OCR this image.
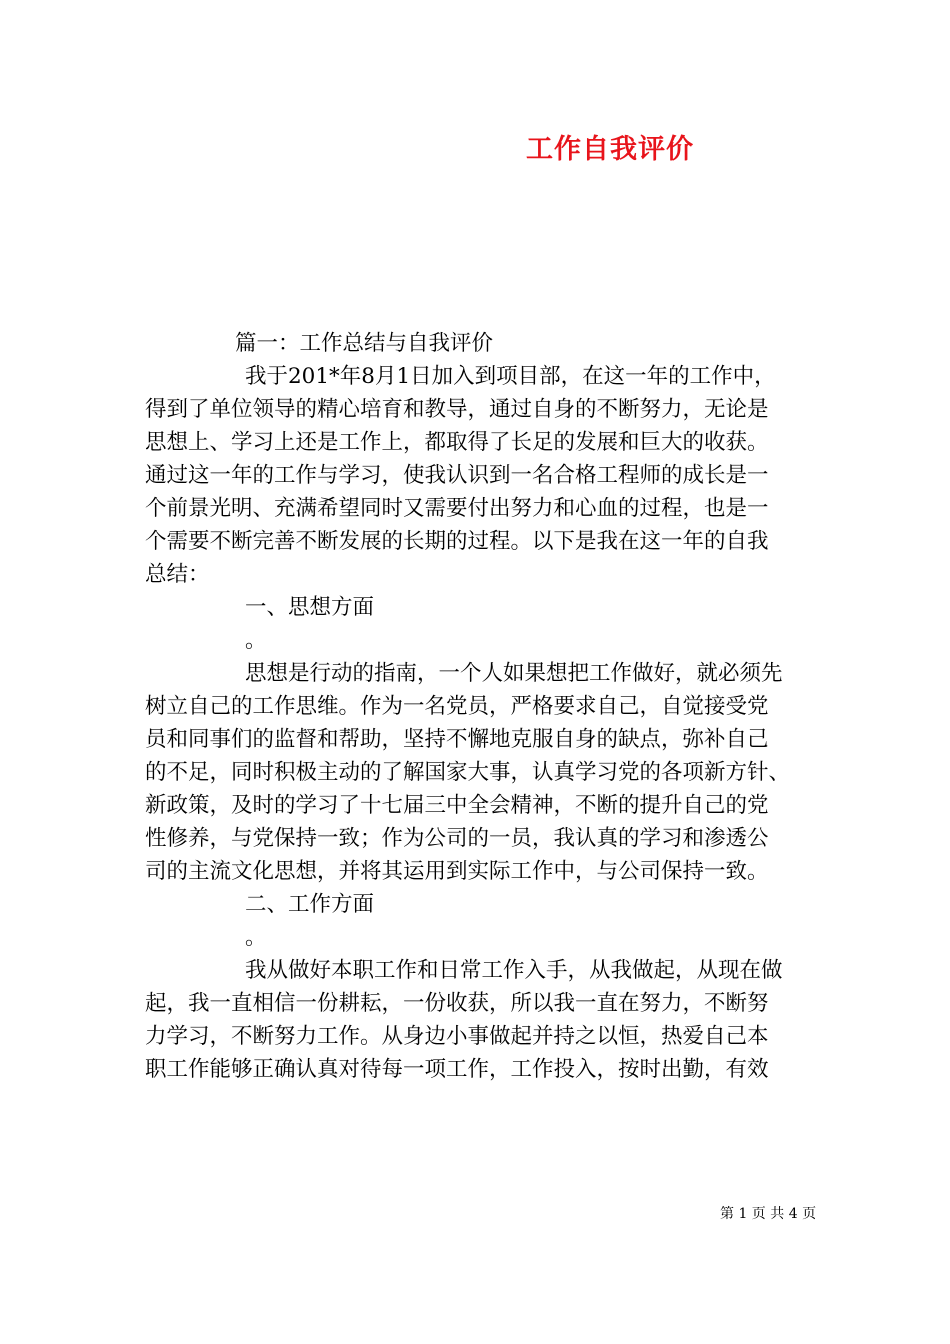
工作自我评价
篇一：工作总结与自我评价
我于201*年8月1日加入到项目部，在这一年的工作中，
得到了单位领导的精心培育和教导，通过自身的不断努力，无论是
思想上、学习上还是工作上，都取得了长足的发展和巨大的收获。
通过这一年的工作与学习，使我认识到一名合格工程师的成长是一
个前景光明、充满希望同时又需要付出努力和心血的过程，也是一
个需要不断完善不断发展的长期的过程。以下是我在这一年的自我
总结：
一、思想方面
。
思想是行动的指南，一个人如果想把工作做好，就必须先
树立自己的工作思维。作为一名党员，严格要求自己，自觉接受党
员和同事们的监督和帮助，坚持不懈地克服自身的缺点，弥补自己
的不足，同时积极主动的了解国家大事，认真学习党的各项新方针、
新政策，及时的学习了十七届三中全会精神，不断的提升自己的党
性修养，与党保持一致；作为公司的一员，我认真的学习和渗透公
司的主流文化思想，并将其运用到实际工作中，与公司保持一致。
二、工作方面
。
我从做好本职工作和日常工作入手，从我做起，从现在做
起，我一直相信一份耕耘，一份收获，所以我一直在努力，不断努
力学习，不断努力工作。从身边小事做起并持之以恒，热爱自己本
职工作能够正确认真对待每一项工作，工作投入，按时出勤，有效
第 1 页 共 4 页
